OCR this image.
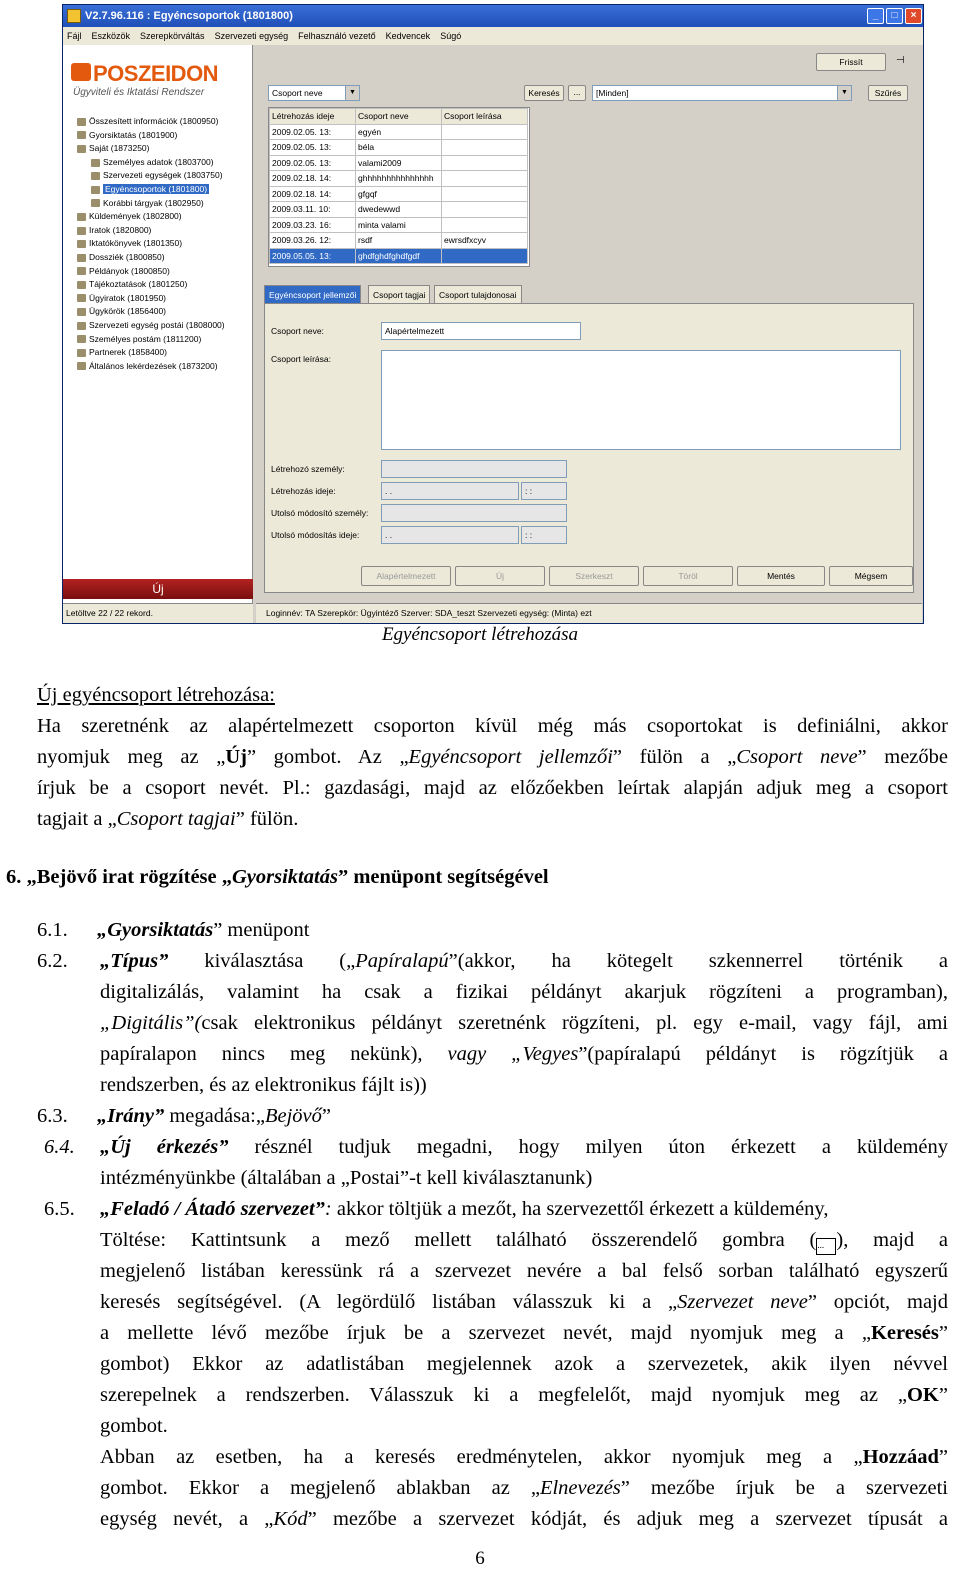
V2.7.96.116 : Egyéncsoportok (1801800)	_	□	×
Fájl Eszközök Szerepkörváltás Szervezeti egység Felhasználó vezető Kedvencek Súgó
POSZEIDON
Ügyviteli és Iktatási Rendszer
Összesített információk (1800950)
Gyorsiktatás (1801900)
Saját (1873250)
Személyes adatok (1803700)
Szervezeti egységek (1803750)
Egyéncsoportok (1801800)
Korábbi tárgyak (1802950)
Küldemények (1802800)
Iratok (1820800)
Iktatókönyvek (1801350)
Dossziék (1800850)
Példányok (1800850)
Tájékoztatások (1801250)
Ügyiratok (1801950)
Ügykörök (1856400)
Szervezeti egység postái (1808000)
Személyes postám (1811200)
Partnerek (1858400)
Általános lekérdezések (1873200)
Új
Letöltve 22 / 22 rekord.
Frissít	⊣
Csoport neve	▼	Keresés	...	[Minden]	▼	Szűrés
Létrehozás ideje	Csoport neve	Csoport leírása
2009.02.05. 13:	egyén	
2009.02.05. 13:	béla	
2009.02.05. 13:	valami2009	
2009.02.18. 14:	ghhhhhhhhhhhhhhh	
2009.02.18. 14:	gfgqf	
2009.03.11. 10:	dwedewwd	
2009.03.23. 16:	minta valami	
2009.03.26. 12:	rsdf	ewrsdfxcyv
2009.05.05. 13:	ghdfghdfghdfgdf	
Egyéncsoport jellemzői	Csoport tagjai	Csoport tulajdonosai
Csoport neve:	Alapértelmezett
Csoport leírása:
Létrehozó személy:
Létrehozás ideje:	. .	: :
Utolsó módosító személy:
Utolsó módosítás ideje:	. .	: :
Alapértelmezett	Új	Szerkeszt	Töröl	Mentés	Mégsem
Loginnév: TA Szerepkör: Ügyintéző Szerver: SDA_teszt Szervezeti egység: (Minta) ezt
Egyéncsoport létrehozása
Új egyéncsoport létrehozása:
Ha szeretnénk az alapértelmezett csoporton kívül még más csoportokat is definiálni, akkor
nyomjuk meg az „Új” gombot. Az „Egyéncsoport jellemzői” fülön a „Csoport neve” mezőbe
írjuk be a csoport nevét. Pl.: gazdasági, majd az előzőekben leírtak alapján adjuk meg a csoport
tagjait a „Csoport tagjai” fülön.
6. „Bejövő irat rögzítése „Gyorsiktatás” menüpont segítségével
6.1. „Gyorsiktatás” menüpont
6.2. „Típus” kiválasztása („Papíralapú”(akkor, ha kötegelt szkennerrel történik a
digitalizálás, valamint ha csak a fizikai példányt akarjuk rögzíteni a programban),
„Digitális”(csak elektronikus példányt szeretnénk rögzíteni, pl. egy e-mail, vagy fájl, ami
papíralapon nincs meg nekünk), vagy „Vegyes”(papíralapú példányt is rögzítjük a
rendszerben, és az elektronikus fájlt is))
6.3. „Irány” megadása:„Bejövő”
6.4. „Új érkezés” résznél tudjuk megadni, hogy milyen úton érkezett a küldemény
intézményünkbe (általában a „Postai”-t kell kiválasztanunk)
6.5. „Feladó / Átadó szervezet”: akkor töltjük a mezőt, ha szervezettől érkezett a küldemény,
Töltése: Kattintsunk a mező mellett található összerendelő gombra (... ), majd a
megjelenő listában keressünk rá a szervezet nevére a bal felső sorban található egyszerű
keresés segítségével. (A legördülő listában válasszuk ki a „Szervezet neve” opciót, majd
a mellette lévő mezőbe írjuk be a szervezet nevét, majd nyomjuk meg a „Keresés”
gombot) Ekkor az adatlistában megjelennek azok a szervezetek, akik ilyen névvel
szerepelnek a rendszerben. Válasszuk ki a megfelelőt, majd nyomjuk meg az „OK”
gombot.
Abban az esetben, ha a keresés eredménytelen, akkor nyomjuk meg a „Hozzáad”
gombot. Ekkor a megjelenő ablakban az „Elnevezés” mezőbe írjuk be a szervezeti
egység nevét, a „Kód” mezőbe a szervezet kódját, és adjuk meg a szervezet típusát a
6
